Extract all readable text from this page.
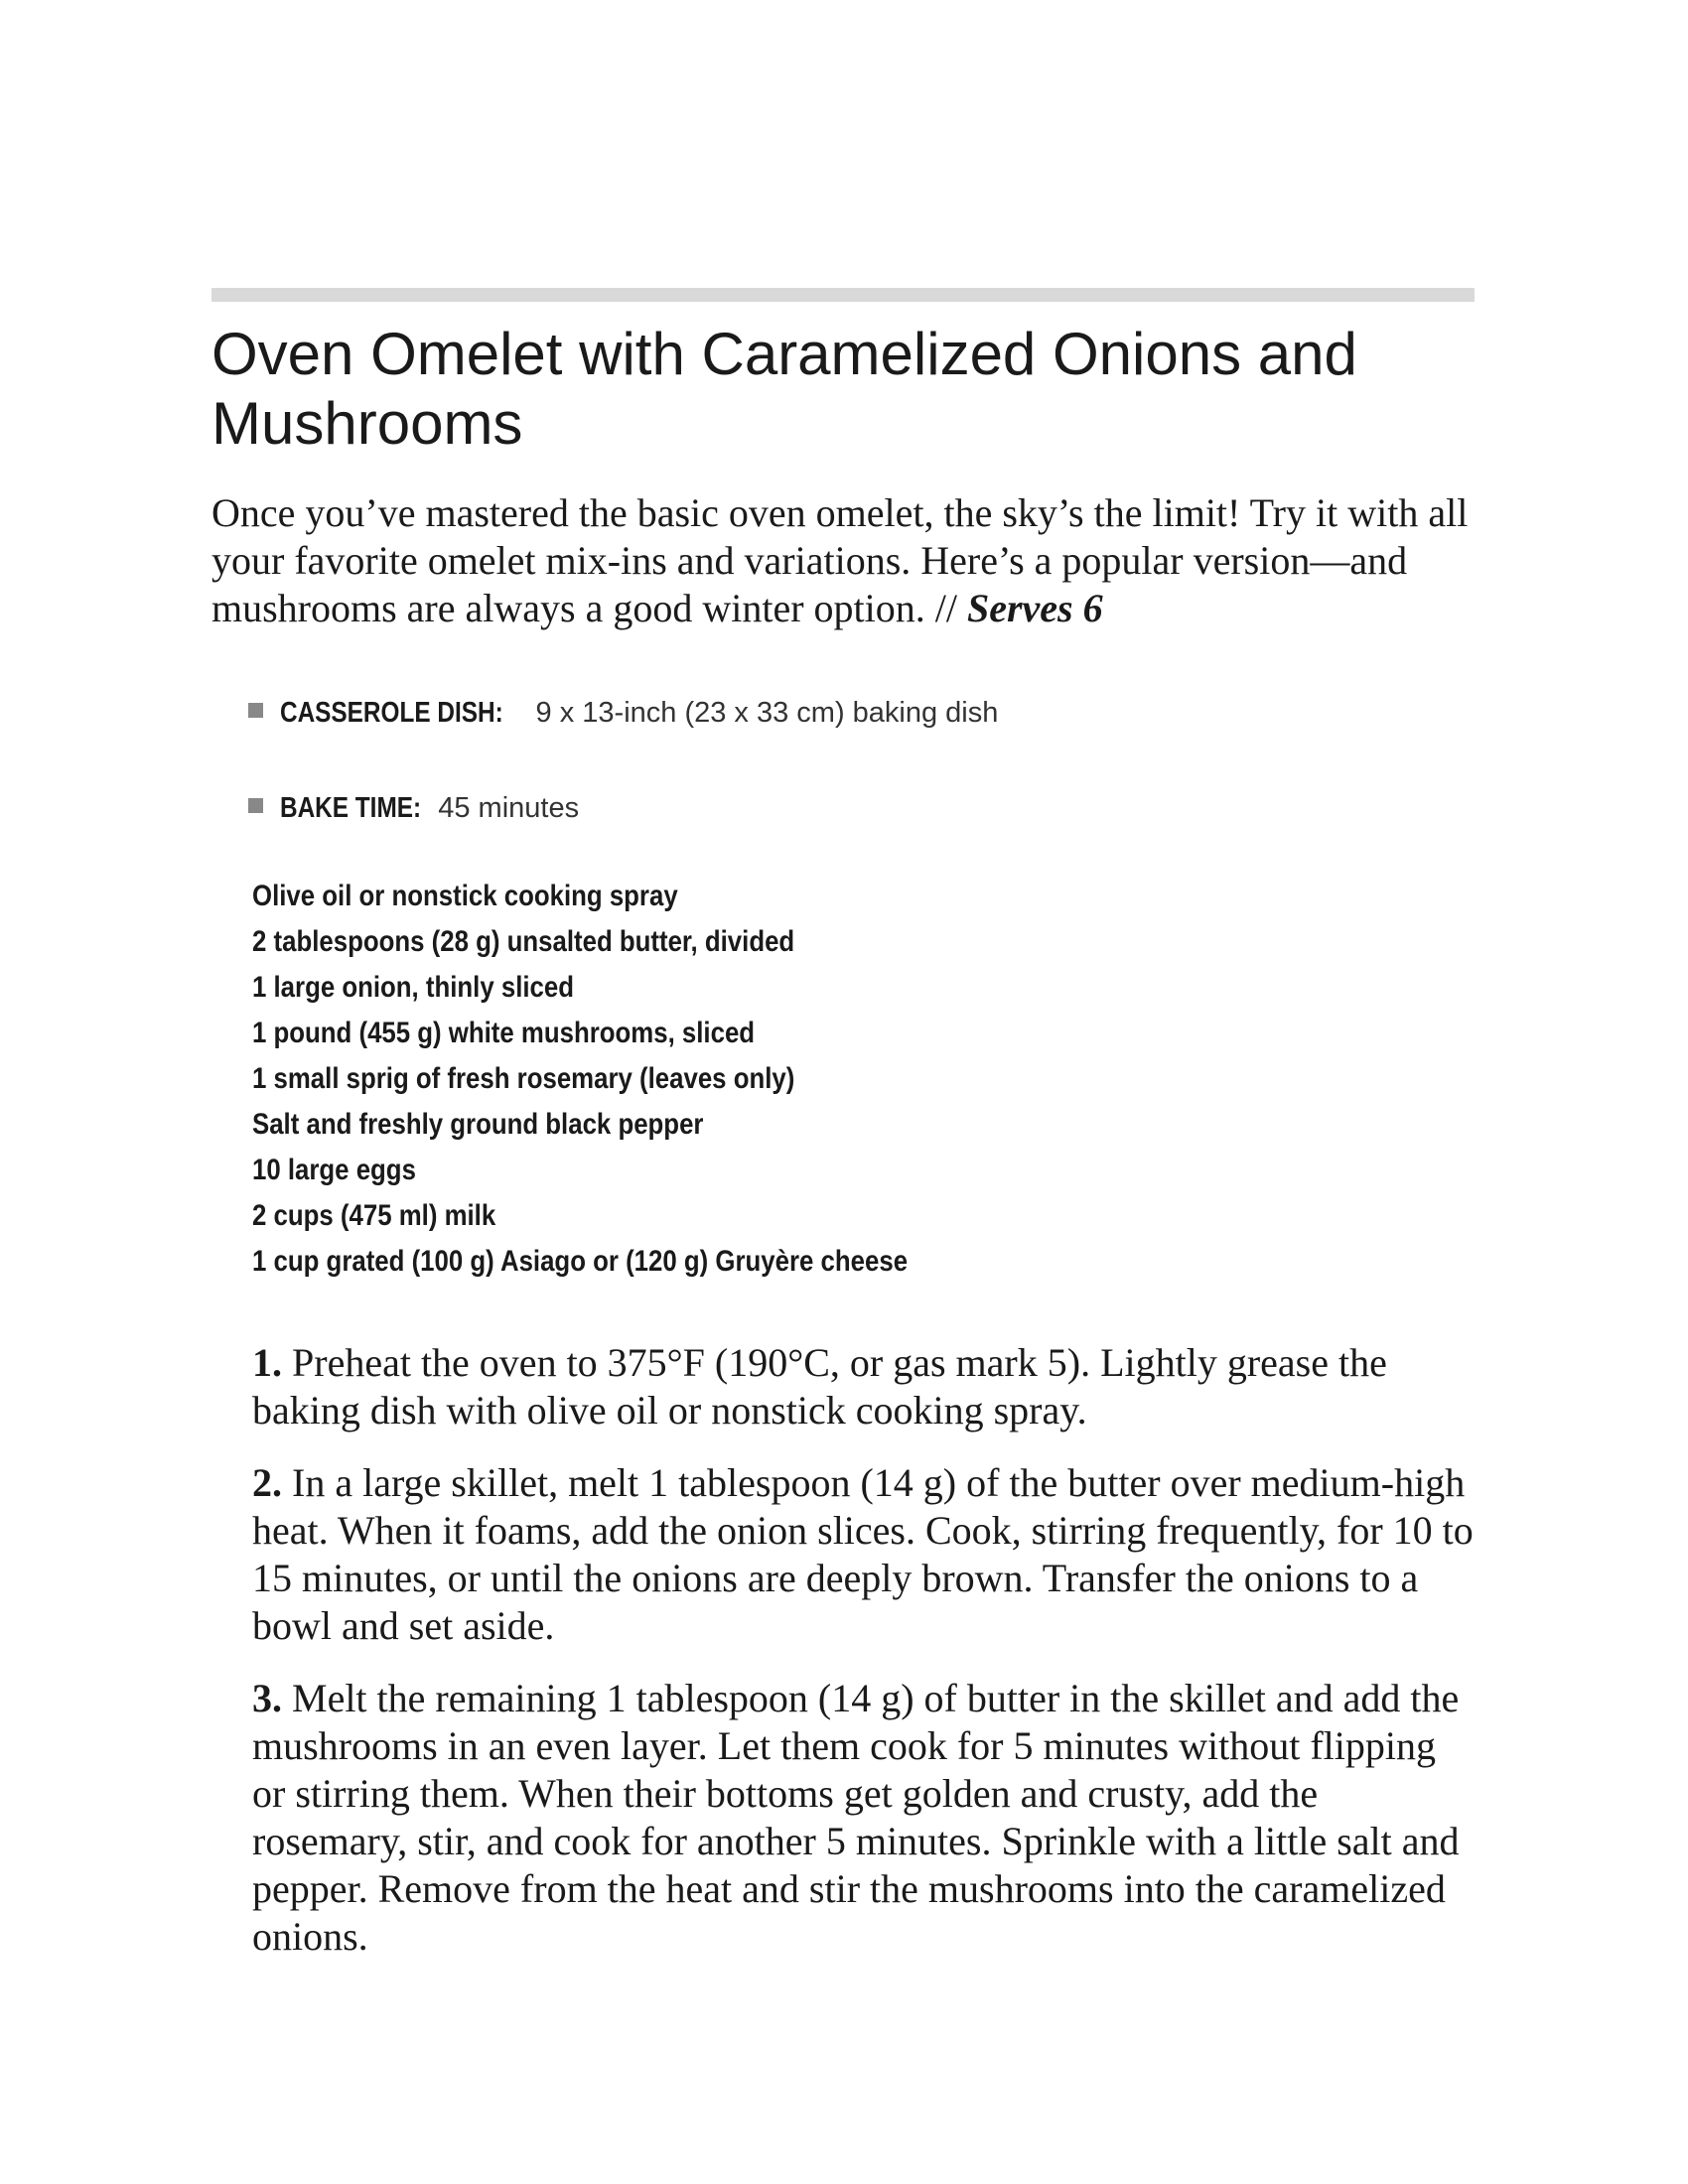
Oven Omelet with Caramelized Onions and Mushrooms

Once you’ve mastered the basic oven omelet, the sky’s the limit! Try it with all your favorite omelet mix-ins and variations. Here’s a popular version—and mushrooms are always a good winter option. // Serves 6

CASSEROLE DISH: 9 x 13-inch (23 x 33 cm) baking dish

BAKE TIME: 45 minutes

Olive oil or nonstick cooking spray
2 tablespoons (28 g) unsalted butter, divided
1 large onion, thinly sliced
1 pound (455 g) white mushrooms, sliced
1 small sprig of fresh rosemary (leaves only)
Salt and freshly ground black pepper
10 large eggs
2 cups (475 ml) milk
1 cup grated (100 g) Asiago or (120 g) Gruyère cheese
1. Preheat the oven to 375°F (190°C, or gas mark 5). Lightly grease the baking dish with olive oil or nonstick cooking spray.
2. In a large skillet, melt 1 tablespoon (14 g) of the butter over medium-high heat. When it foams, add the onion slices. Cook, stirring frequently, for 10 to 15 minutes, or until the onions are deeply brown. Transfer the onions to a bowl and set aside.
3. Melt the remaining 1 tablespoon (14 g) of butter in the skillet and add the mushrooms in an even layer. Let them cook for 5 minutes without flipping or stirring them. When their bottoms get golden and crusty, add the rosemary, stir, and cook for another 5 minutes. Sprinkle with a little salt and pepper. Remove from the heat and stir the mushrooms into the caramelized onions.
